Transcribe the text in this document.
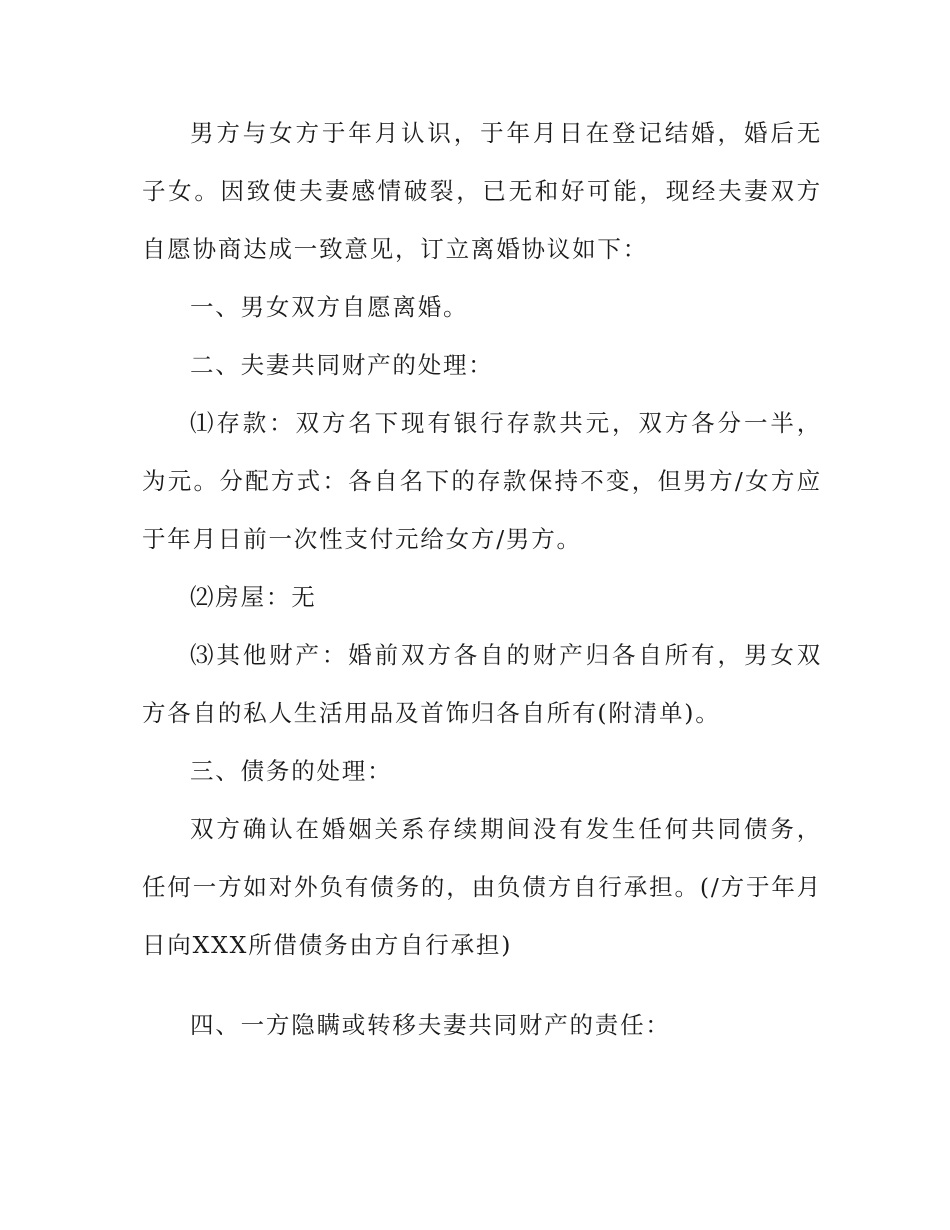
男方与女方于年月认识，于年月日在登记结婚，婚后无子女。因致使夫妻感情破裂，已无和好可能，现经夫妻双方自愿协商达成一致意见，订立离婚协议如下：

一、男女双方自愿离婚。

二、夫妻共同财产的处理：

⑴存款：双方名下现有银行存款共元，双方各分一半，为元。分配方式：各自名下的存款保持不变，但男方/女方应于年月日前一次性支付元给女方/男方。

⑵房屋：无

⑶其他财产：婚前双方各自的财产归各自所有，男女双方各自的私人生活用品及首饰归各自所有(附清单)。

三、债务的处理：

双方确认在婚姻关系存续期间没有发生任何共同债务，任何一方如对外负有债务的，由负债方自行承担。(/方于年月日向XXX所借债务由方自行承担)

四、一方隐瞒或转移夫妻共同财产的责任：
